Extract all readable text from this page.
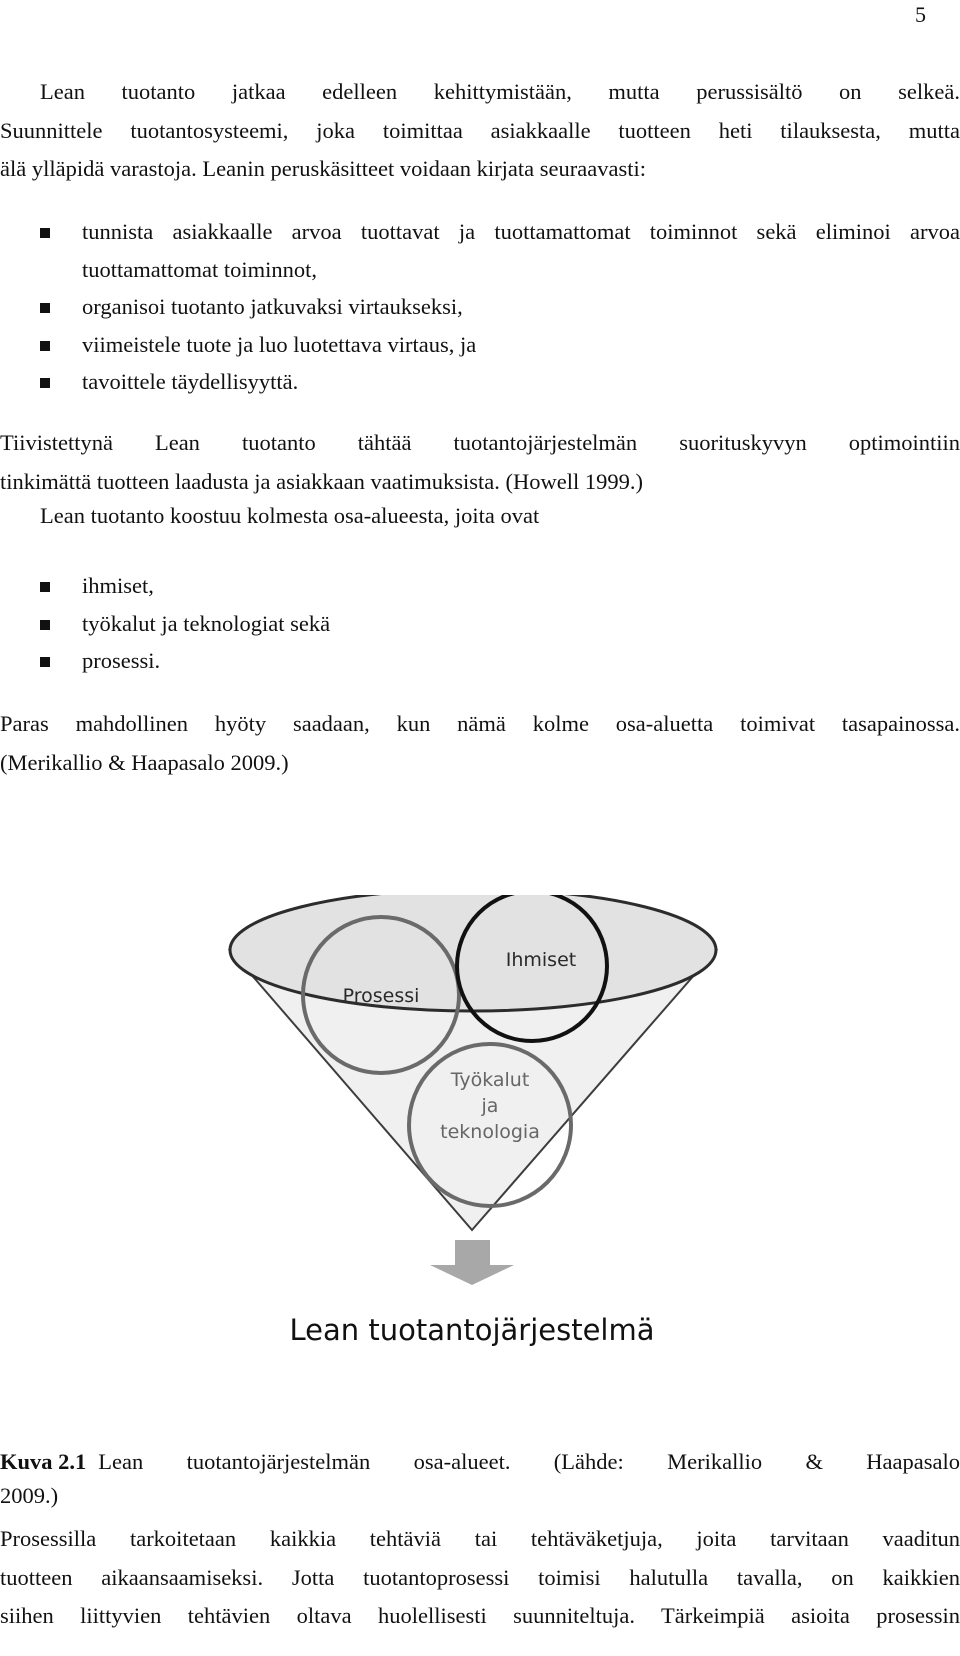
5
Lean tuotanto jatkaa edelleen kehittymistään, mutta perussisältö on selkeä.
Suunnittele tuotantosysteemi, joka toimittaa asiakkaalle tuotteen heti tilauksesta, mutta
älä ylläpidä varastoja. Leanin peruskäsitteet voidaan kirjata seuraavasti:
tunnista asiakkaalle arvoa tuottavat ja tuottamattomat toiminnot sekä eliminoi arvoa tuottamattomat toiminnot,
organisoi tuotanto jatkuvaksi virtaukseksi,
viimeistele tuote ja luo luotettava virtaus, ja
tavoittele täydellisyyttä.
Tiivistettynä Lean tuotanto tähtää tuotantojärjestelmän suorituskyvyn optimointiin
tinkimättä tuotteen laadusta ja asiakkaan vaatimuksista. (Howell 1999.)
Lean tuotanto koostuu kolmesta osa-alueesta, joita ovat
ihmiset,
työkalut ja teknologiat sekä
prosessi.
Paras mahdollinen hyöty saadaan, kun nämä kolme osa-aluetta toimivat tasapainossa.
(Merikallio & Haapasalo 2009.)
Prosessi
Ihmiset
Työkalut
ja
teknologia
Lean tuotantojärjestelmä
Kuva 2.1 Lean tuotantojärjestelmän osa-alueet. (Lähde: Merikallio & Haapasalo
2009.)
Prosessilla tarkoitetaan kaikkia tehtäviä tai tehtäväketjuja, joita tarvitaan vaaditun
tuotteen aikaansaamiseksi. Jotta tuotantoprosessi toimisi halutulla tavalla, on kaikkien
siihen liittyvien tehtävien oltava huolellisesti suunniteltuja. Tärkeimpiä asioita prosessin
